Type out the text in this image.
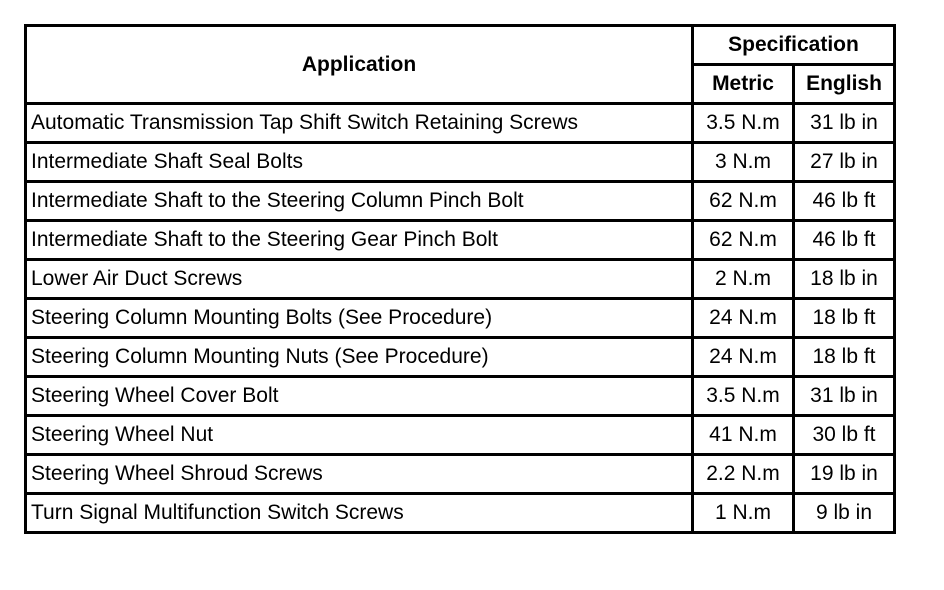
Application	Specification	
	Metric	English
Automatic Transmission Tap Shift Switch Retaining Screws	3.5 N.m	31 lb in
Intermediate Shaft Seal Bolts	3 N.m	27 lb in
Intermediate Shaft to the Steering Column Pinch Bolt	62 N.m	46 lb ft
Intermediate Shaft to the Steering Gear Pinch Bolt	62 N.m	46 lb ft
Lower Air Duct Screws	2 N.m	18 lb in
Steering Column Mounting Bolts (See Procedure)	24 N.m	18 lb ft
Steering Column Mounting Nuts (See Procedure)	24 N.m	18 lb ft
Steering Wheel Cover Bolt	3.5 N.m	31 lb in
Steering Wheel Nut	41 N.m	30 lb ft
Steering Wheel Shroud Screws	2.2 N.m	19 lb in
Turn Signal Multifunction Switch Screws	1 N.m	9 lb in
